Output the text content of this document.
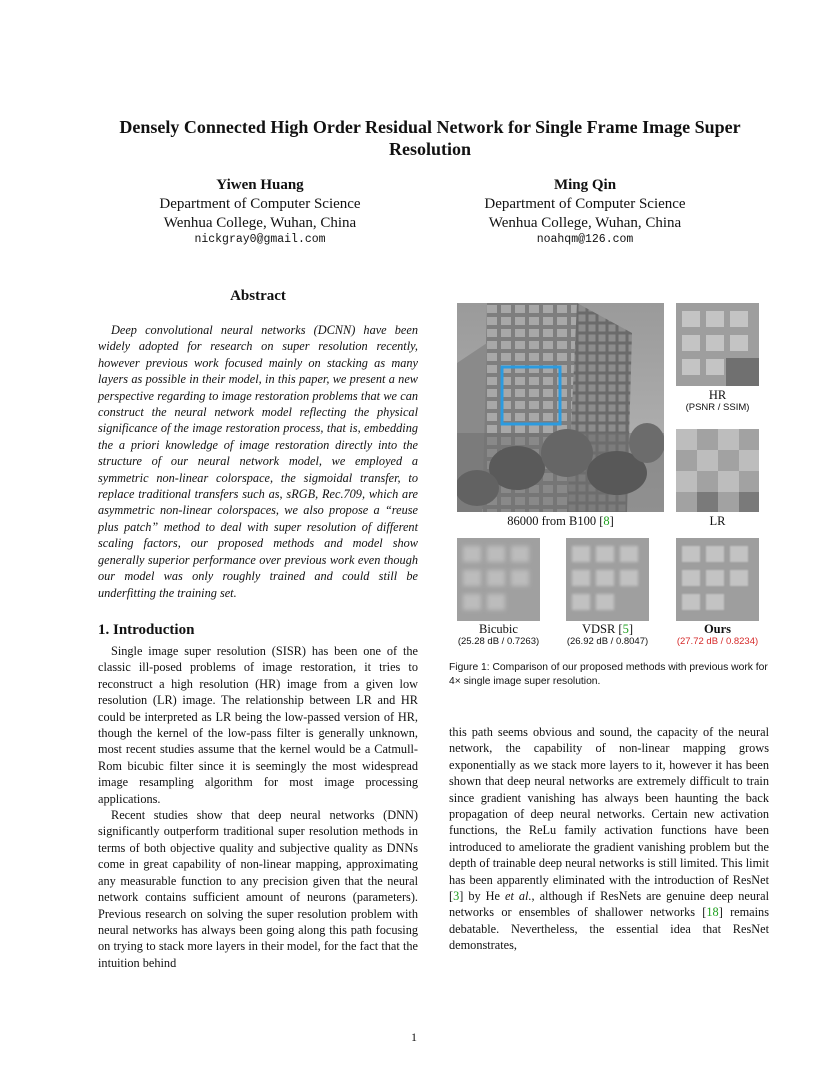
Densely Connected High Order Residual Network for Single Frame Image Super
Resolution
Yiwen Huang
Department of Computer Science
Wenhua College, Wuhan, China
nickgray0@gmail.com
Ming Qin
Department of Computer Science
Wenhua College, Wuhan, China
noahqm@126.com
Abstract

Deep convolutional neural networks (DCNN) have been widely adopted for research on super resolution recently, however previous work focused mainly on stacking as many layers as possible in their model, in this paper, we present a new perspective regarding to image restoration problems that we can construct the neural network model reflecting the physical significance of the image restoration process, that is, embedding the a priori knowledge of image restoration directly into the structure of our neural network model, we employed a symmetric non-linear colorspace, the sigmoidal transfer, to replace traditional transfers such as, sRGB, Rec.709, which are asymmetric non-linear colorspaces, we also propose a “reuse plus patch” method to deal with super resolution of different scaling factors, our proposed methods and model show generally superior performance over previous work even though our model was only roughly trained and could still be underfitting the training set.

1. Introduction

Single image super resolution (SISR) has been one of the classic ill-posed problems of image restoration, it tries to reconstruct a high resolution (HR) image from a given low resolution (LR) image. The relationship between LR and HR could be interpreted as LR being the low-passed version of HR, though the kernel of the low-pass filter is generally unknown, most recent studies assume that the kernel would be a Catmull-Rom bicubic filter since it is seemingly the most widespread image resampling algorithm for most image processing applications.

Recent studies show that deep neural networks (DNN) significantly outperform traditional super resolution methods in terms of both objective quality and subjective quality as DNNs come in great capability of non-linear mapping, approximating any measurable function to any precision given that the neural network contains sufficient amount of neurons (parameters). Previous research on solving the super resolution problem with neural networks has always been going along this path focusing on trying to stack more layers in their model, for the fact that the intuition behind

HR
(PSNR / SSIM)
LR
86000 from B100 [8]
Bicubic
(25.28 dB / 0.7263)
VDSR [5]
(26.92 dB / 0.8047)
Ours
(27.72 dB / 0.8234)
Figure 1: Comparison of our proposed methods with previous work for 4× single image super resolution.

this path seems obvious and sound, the capacity of the neural network, the capability of non-linear mapping grows exponentially as we stack more layers to it, however it has been shown that deep neural networks are extremely difficult to train since gradient vanishing has always been haunting the back propagation of deep neural networks. Certain new activation functions, the ReLu family activation functions have been introduced to ameliorate the gradient vanishing problem but the depth of trainable deep neural networks is still limited. This limit has been apparently eliminated with the introduction of ResNet [3] by He et al., although if ResNets are genuine deep neural networks or ensembles of shallower networks [18] remains debatable. Nevertheless, the essential idea that ResNet demonstrates,

1
